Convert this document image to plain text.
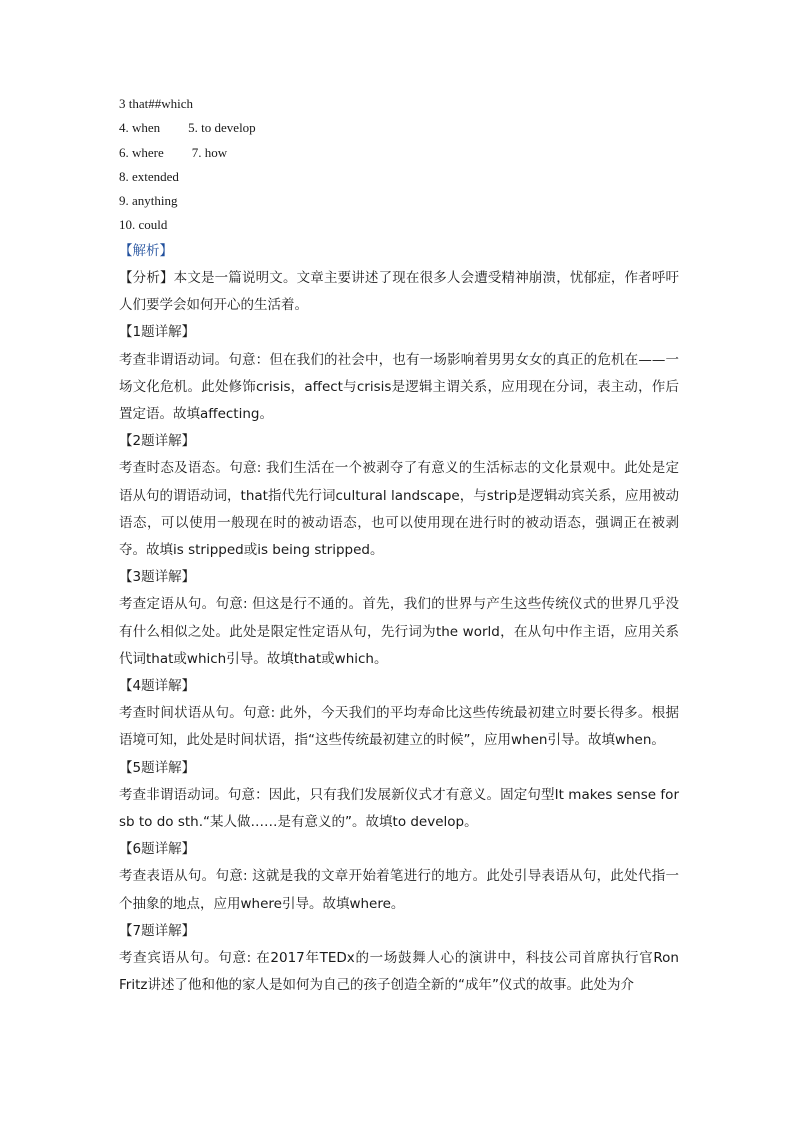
3 that##which
4. when 5. to develop
6. where 7. how
8. extended
9. anything
10. could
【解析】
【分析】本文是一篇说明文。文章主要讲述了现在很多人会遭受精神崩溃，忧郁症，作者呼吁人们要学会如何开心的生活着。
【1题详解】
考查非谓语动词。句意：但在我们的社会中，也有一场影响着男男女女的真正的危机在——一场文化危机。此处修饰crisis，affect与crisis是逻辑主谓关系，应用现在分词，表主动，作后置定语。故填affecting。
【2题详解】
考查时态及语态。句意: 我们生活在一个被剥夺了有意义的生活标志的文化景观中。此处是定语从句的谓语动词，that指代先行词cultural landscape，与strip是逻辑动宾关系，应用被动语态，可以使用一般现在时的被动语态，也可以使用现在进行时的被动语态，强调正在被剥夺。故填is stripped或is being stripped。
【3题详解】
考查定语从句。句意: 但这是行不通的。首先，我们的世界与产生这些传统仪式的世界几乎没有什么相似之处。此处是限定性定语从句，先行词为the world，在从句中作主语，应用关系代词that或which引导。故填that或which。
【4题详解】
考查时间状语从句。句意: 此外，今天我们的平均寿命比这些传统最初建立时要长得多。根据语境可知，此处是时间状语，指“这些传统最初建立的时候”，应用when引导。故填when。
【5题详解】
考查非谓语动词。句意：因此，只有我们发展新仪式才有意义。固定句型It makes sense for sb to do sth.“某人做……是有意义的”。故填to develop。
【6题详解】
考查表语从句。句意: 这就是我的文章开始着笔进行的地方。此处引导表语从句，此处代指一个抽象的地点，应用where引导。故填where。
【7题详解】
考查宾语从句。句意: 在2017年TEDx的一场鼓舞人心的演讲中，科技公司首席执行官Ron Fritz讲述了他和他的家人是如何为自己的孩子创造全新的“成年”仪式的故事。此处为介
